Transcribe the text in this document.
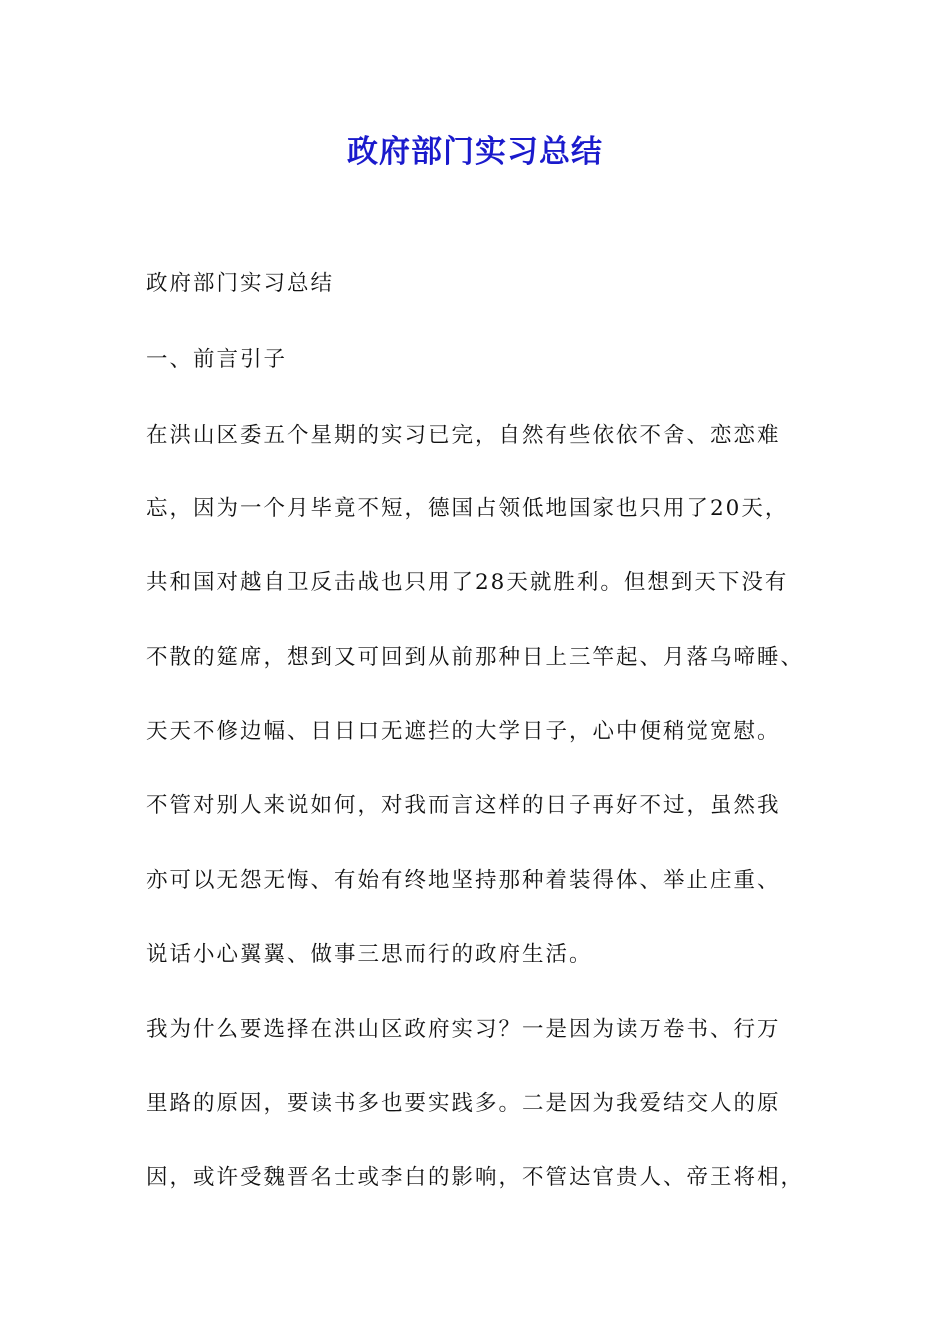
政府部门实习总结
政府部门实习总结
一、前言引子
在洪山区委五个星期的实习已完，自然有些依依不舍、恋恋难
忘，因为一个月毕竟不短，德国占领低地国家也只用了20天，
共和国对越自卫反击战也只用了28天就胜利。但想到天下没有
不散的筵席，想到又可回到从前那种日上三竿起、月落乌啼睡、
天天不修边幅、日日口无遮拦的大学日子，心中便稍觉宽慰。
不管对别人来说如何，对我而言这样的日子再好不过，虽然我
亦可以无怨无悔、有始有终地坚持那种着装得体、举止庄重、
说话小心翼翼、做事三思而行的政府生活。
我为什么要选择在洪山区政府实习？一是因为读万卷书、行万
里路的原因，要读书多也要实践多。二是因为我爱结交人的原
因，或许受魏晋名士或李白的影响，不管达官贵人、帝王将相，
